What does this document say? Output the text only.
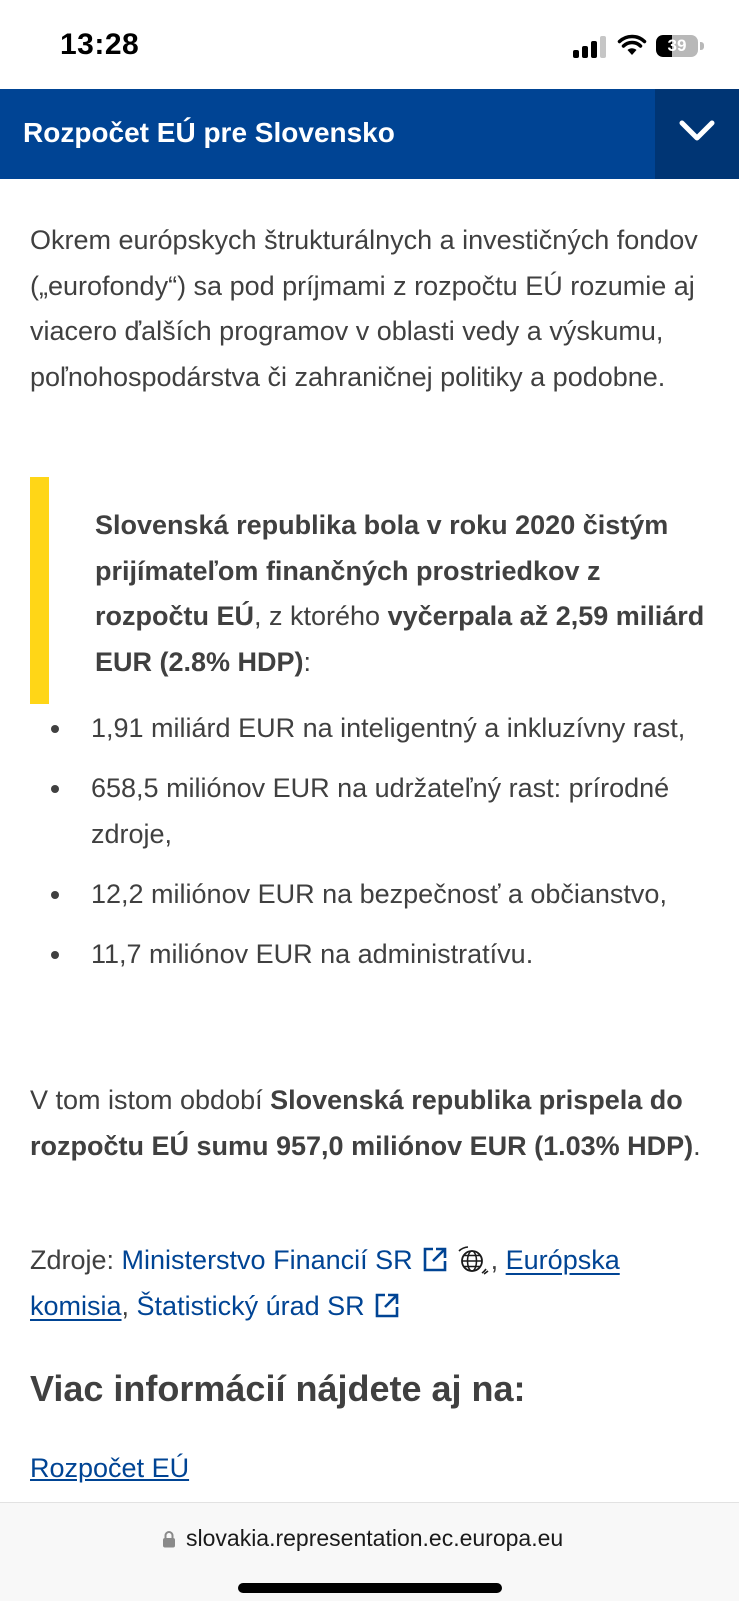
13:28	39
Rozpočet EÚ pre Slovensko

Okrem európskych štrukturálnych a investičných fondov („eurofondy“) sa pod príjmami z rozpočtu EÚ rozumie aj viacero ďalších programov v oblasti vedy a výskumu, poľnohospodárstva či zahraničnej politiky a podobne.

Slovenská republika bola v roku 2020 čistým prijímateľom finančných prostriedkov z rozpočtu EÚ, z ktorého vyčerpala až 2,59 miliárd EUR (2.8% HDP):
1,91 miliárd EUR na inteligentný a inkluzívny rast,
658,5 miliónov EUR na udržateľný rast: prírodné zdroje,
12,2 miliónov EUR na bezpečnosť a občianstvo,
11,7 miliónov EUR na administratívu.

V tom istom období Slovenská republika prispela do rozpočtu EÚ sumu 957,0 miliónov EUR (1.03% HDP).

Zdroje: Ministerstvo Financií SR	, Európska komisia, Štatistický úrad SR

Viac informácií nájdete aj na:
Rozpočet EÚ
slovakia.representation.ec.europa.eu
